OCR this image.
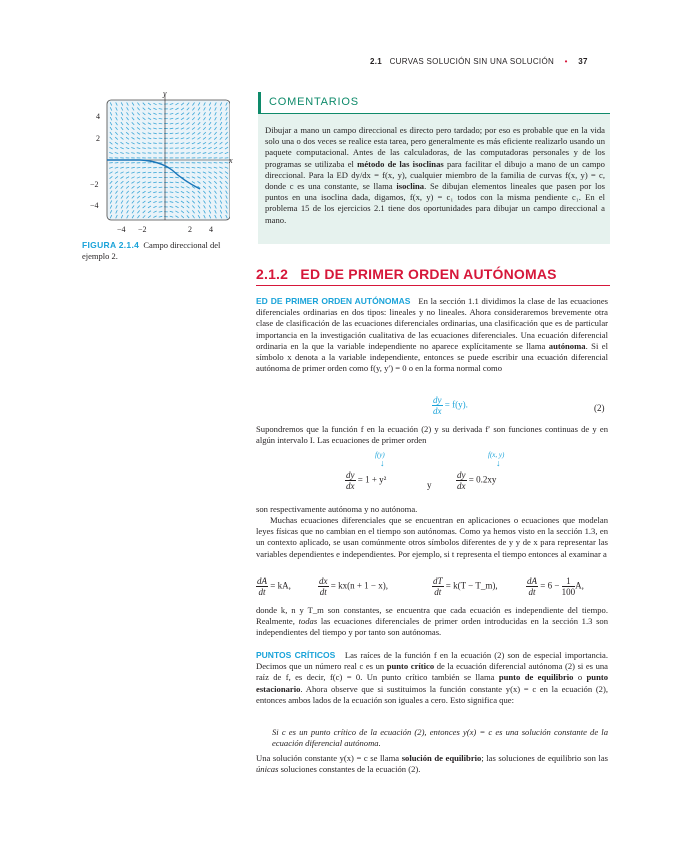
2.1 CURVAS SOLUCIÓN SIN UNA SOLUCIÓN • 37
y
x
4
2
−2
−4
−4 −2	2 4
FIGURA 2.1.4 Campo direccional del ejemplo 2.
COMENTARIOS
Dibujar a mano un campo direccional es directo pero tardado; por eso es probable que en la vida solo una o dos veces se realice esta tarea, pero generalmente es más eficiente realizarlo usando un paquete computacional. Antes de las calculadoras, de las computadoras personales y de los programas se utilizaba el método de las isoclinas para facilitar el dibujo a mano de un campo direccional. Para la ED dy/dx = f(x, y), cualquier miembro de la familia de curvas f(x, y) = c, donde c es una constante, se llama isoclina. Se dibujan elementos lineales que pasen por los puntos en una isoclina dada, digamos, f(x, y) = c₁ todos con la misma pendiente c₁. En el problema 15 de los ejercicios 2.1 tiene dos oportunidades para dibujar un campo direccional a mano.
2.1.2   ED DE PRIMER ORDEN AUTÓNOMAS
ED DE PRIMER ORDEN AUTÓNOMAS   En la sección 1.1 dividimos la clase de las ecuaciones diferenciales ordinarias en dos tipos: lineales y no lineales. Ahora consideraremos brevemente otra clase de clasificación de las ecuaciones diferenciales ordinarias, una clasificación que es de particular importancia en la investigación cualitativa de las ecuaciones diferenciales. Una ecuación diferencial ordinaria en la que la variable independiente no aparece explícitamente se llama autónoma. Si el símbolo x denota a la variable independiente, entonces se puede escribir una ecuación diferencial autónoma de primer orden como f(y, y′) = 0 o en la forma normal como
$\frac{dy}{dx} = f(y)$.	(2)
Supondremos que la función f en la ecuación (2) y su derivada f′ son funciones continuas de y en algún intervalo I. Las ecuaciones de primer orden
f(y)
↓
f(x, y)
↓
$\frac{dy}{dx} = 1 + y^2$
y	$\frac{dy}{dx} = 0.2xy$
son respectivamente autónoma y no autónoma.
Muchas ecuaciones diferenciales que se encuentran en aplicaciones o ecuaciones que modelan leyes físicas que no cambian en el tiempo son autónomas. Como ya hemos visto en la sección 1.3, en un contexto aplicado, se usan comúnmente otros símbolos diferentes de y y de x para representar las variables dependientes e independientes. Por ejemplo, si t representa el tiempo entonces al examinar a
$\frac{dA}{dt}$ = kA,	$\frac{dx}{dt} = kx(n + 1 - x)$,	$\frac{dT}{dt} = k(T$ − T_m),	$\frac{dA}{dt} = 6 - \frac{1}{100} A$,
donde k, n y T_m son constantes, se encuentra que cada ecuación es independiente del tiempo. Realmente, todas las ecuaciones diferenciales de primer orden introducidas en la sección 1.3 son independientes del tiempo y por tanto son autónomas.
PUNTOS CRÍTICOS   Las raíces de la función f en la ecuación (2) son de especial importancia. Decimos que un número real c es un punto crítico de la ecuación diferencial autónoma (2) si es una raíz de f, es decir, f(c) = 0. Un punto crítico también se llama punto de equilibrio o punto estacionario. Ahora observe que si sustituimos la función constante y(x) = c en la ecuación (2), entonces ambos lados de la ecuación son iguales a cero. Esto significa que:
Si c es un punto crítico de la ecuación (2), entonces y(x) = c es una solución constante de la ecuación diferencial autónoma.
Una solución constante y(x) = c se llama solución de equilibrio; las soluciones de equilibrio son las únicas soluciones constantes de la ecuación (2).
